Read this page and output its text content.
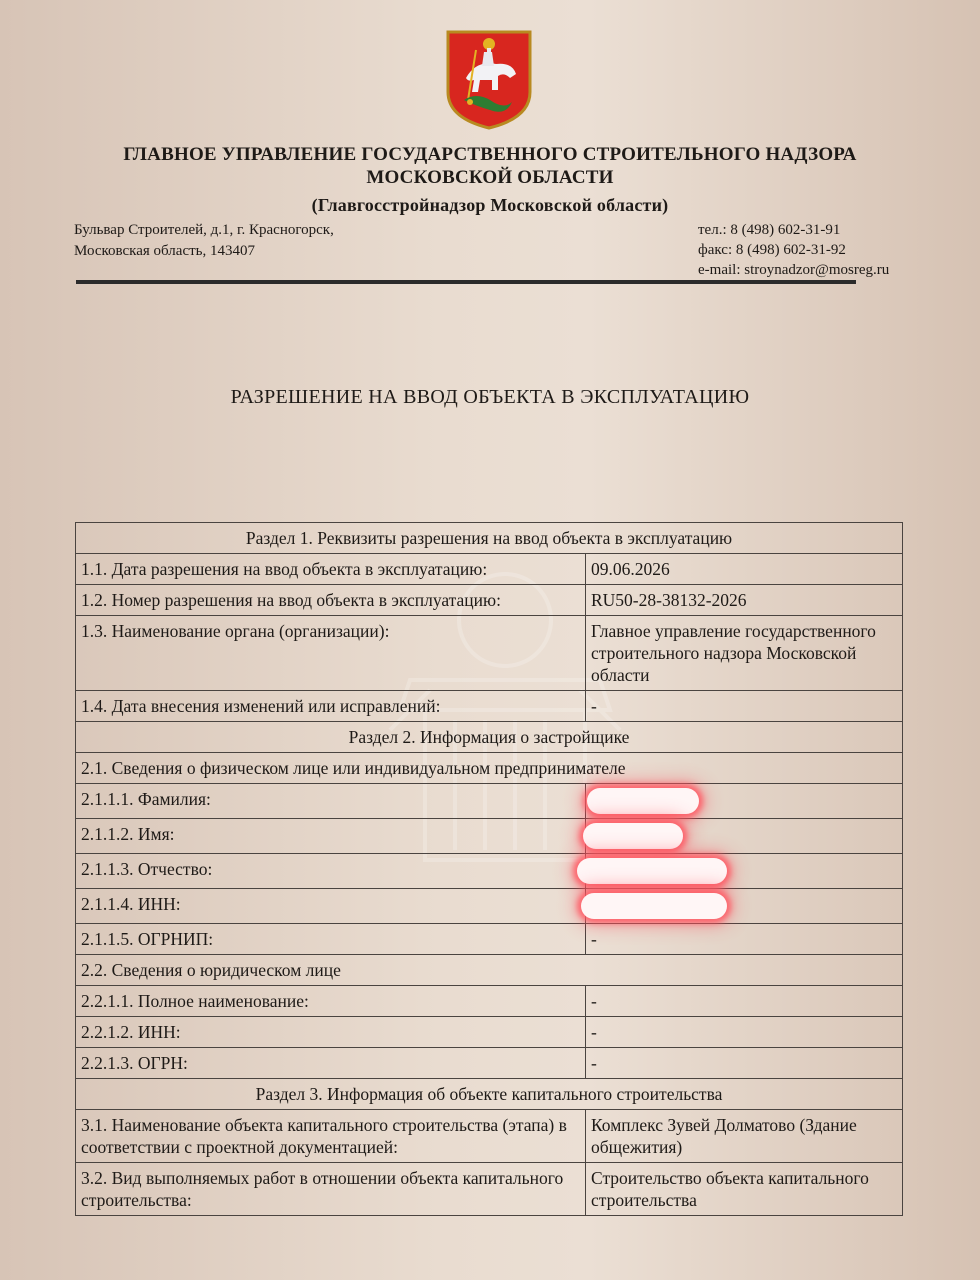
ГЛАВНОЕ УПРАВЛЕНИЕ ГОСУДАРСТВЕННОГО СТРОИТЕЛЬНОГО НАДЗОРА
МОСКОВСКОЙ ОБЛАСТИ
(Главгосстройнадзор Московской области)
Бульвар Строителей, д.1, г. Красногорск,
Московская область, 143407
тел.: 8 (498) 602-31-91
факс: 8 (498) 602-31-92
e-mail: stroynadzor@mosreg.ru
РАЗРЕШЕНИЕ НА ВВОД ОБЪЕКТА В ЭКСПЛУАТАЦИЮ
Раздел 1. Реквизиты разрешения на ввод объекта в эксплуатацию	
1.1. Дата разрешения на ввод объекта в эксплуатацию:	09.06.2026
1.2. Номер разрешения на ввод объекта в эксплуатацию:	RU50-28-38132-2026
1.3. Наименование органа (организации):	Главное управление государственного строительного надзора Московской области
1.4. Дата внесения изменений или исправлений:	-
Раздел 2. Информация о застройщике	
2.1. Сведения о физическом лице или индивидуальном предпринимателе	
2.1.1.1. Фамилия:	
2.1.1.2. Имя:	
2.1.1.3. Отчество:	
2.1.1.4. ИНН:	
2.1.1.5. ОГРНИП:	-
2.2. Сведения о юридическом лице	
2.2.1.1. Полное наименование:	-
2.2.1.2. ИНН:	-
2.2.1.3. ОГРН:	-
Раздел 3. Информация об объекте капитального строительства	
3.1. Наименование объекта капитального строительства (этапа) в соответствии с проектной документацией:	Комплекс Зувей Долматово (Здание общежития)
3.2. Вид выполняемых работ в отношении объекта капитального строительства:	Строительство объекта капитального строительства
